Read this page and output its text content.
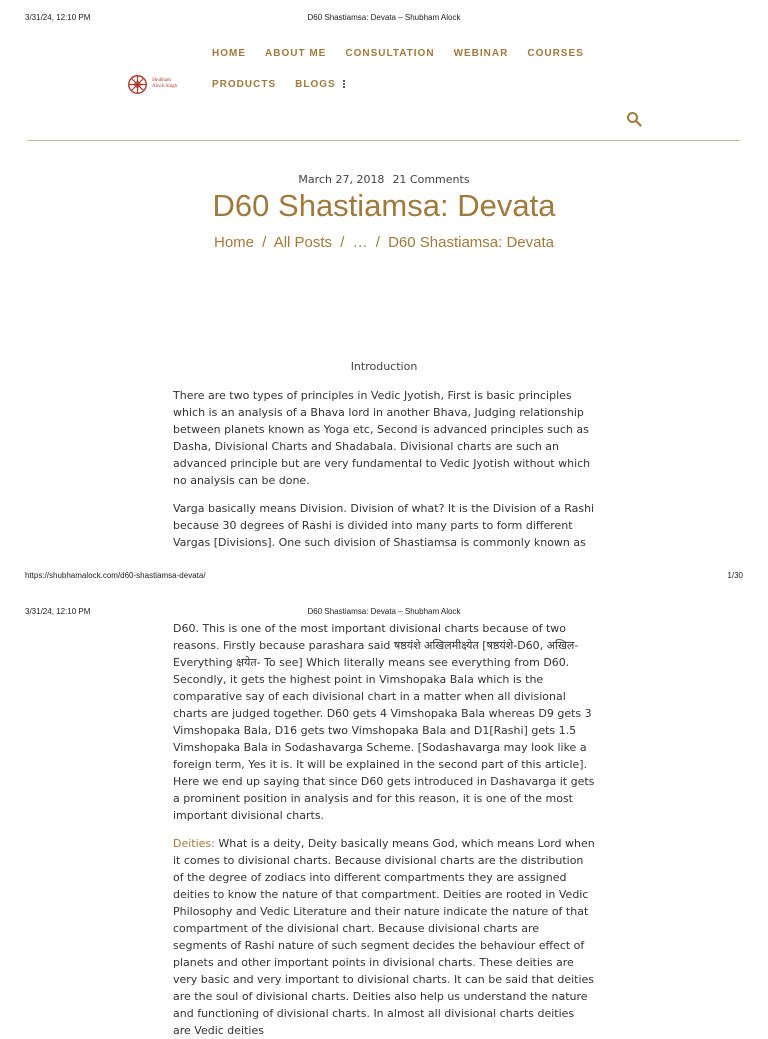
3/31/24, 12:10 PM	D60 Shastiamsa: Devata – Shubham Alock
Shubham
Alock Singh
HOME ABOUT ME CONSULTATION WEBINAR COURSES
PRODUCTS BLOGS
March 27, 2018 21 Comments
D60 Shastiamsa: Devata
Home / All Posts / … / D60 Shastiamsa: Devata
Introduction

There are two types of principles in Vedic Jyotish, First is basic principles which is an analysis of a Bhava lord in another Bhava, Judging relationship between planets known as Yoga etc, Second is advanced principles such as Dasha, Divisional Charts and Shadabala. Divisional charts are such an advanced principle but are very fundamental to Vedic Jyotish without which no analysis can be done.

Varga basically means Division. Division of what? It is the Division of a Rashi because 30 degrees of Rashi is divided into many parts to form different Vargas [Divisions]. One such division of Shastiamsa is commonly known as

https://shubhamalock.com/d60-shastiamsa-devata/	1/30
3/31/24, 12:10 PM	D60 Shastiamsa: Devata – Shubham Alock

D60. This is one of the most important divisional charts because of two reasons. Firstly because parashara said षष्ठयंशे अखिलमीक्ष्येत [षष्ठयंशे-D60, अखिल-Everything क्षयेत- To see] Which literally means see everything from D60. Secondly, it gets the highest point in Vimshopaka Bala which is the comparative say of each divisional chart in a matter when all divisional charts are judged together. D60 gets 4 Vimshopaka Bala whereas D9 gets 3 Vimshopaka Bala, D16 gets two Vimshopaka Bala and D1[Rashi] gets 1.5 Vimshopaka Bala in Sodashavarga Scheme. [Sodashavarga may look like a foreign term, Yes it is. It will be explained in the second part of this article]. Here we end up saying that since D60 gets introduced in Dashavarga it gets a prominent position in analysis and for this reason, it is one of the most important divisional charts.

Deities: What is a deity, Deity basically means God, which means Lord when it comes to divisional charts. Because divisional charts are the distribution of the degree of zodiacs into different compartments they are assigned deities to know the nature of that compartment. Deities are rooted in Vedic Philosophy and Vedic Literature and their nature indicate the nature of that compartment of the divisional chart. Because divisional charts are segments of Rashi nature of such segment decides the behaviour effect of planets and other important points in divisional charts. These deities are very basic and very important to divisional charts. It can be said that deities are the soul of divisional charts. Deities also help us understand the nature and functioning of divisional charts. In almost all divisional charts deities are Vedic deities
